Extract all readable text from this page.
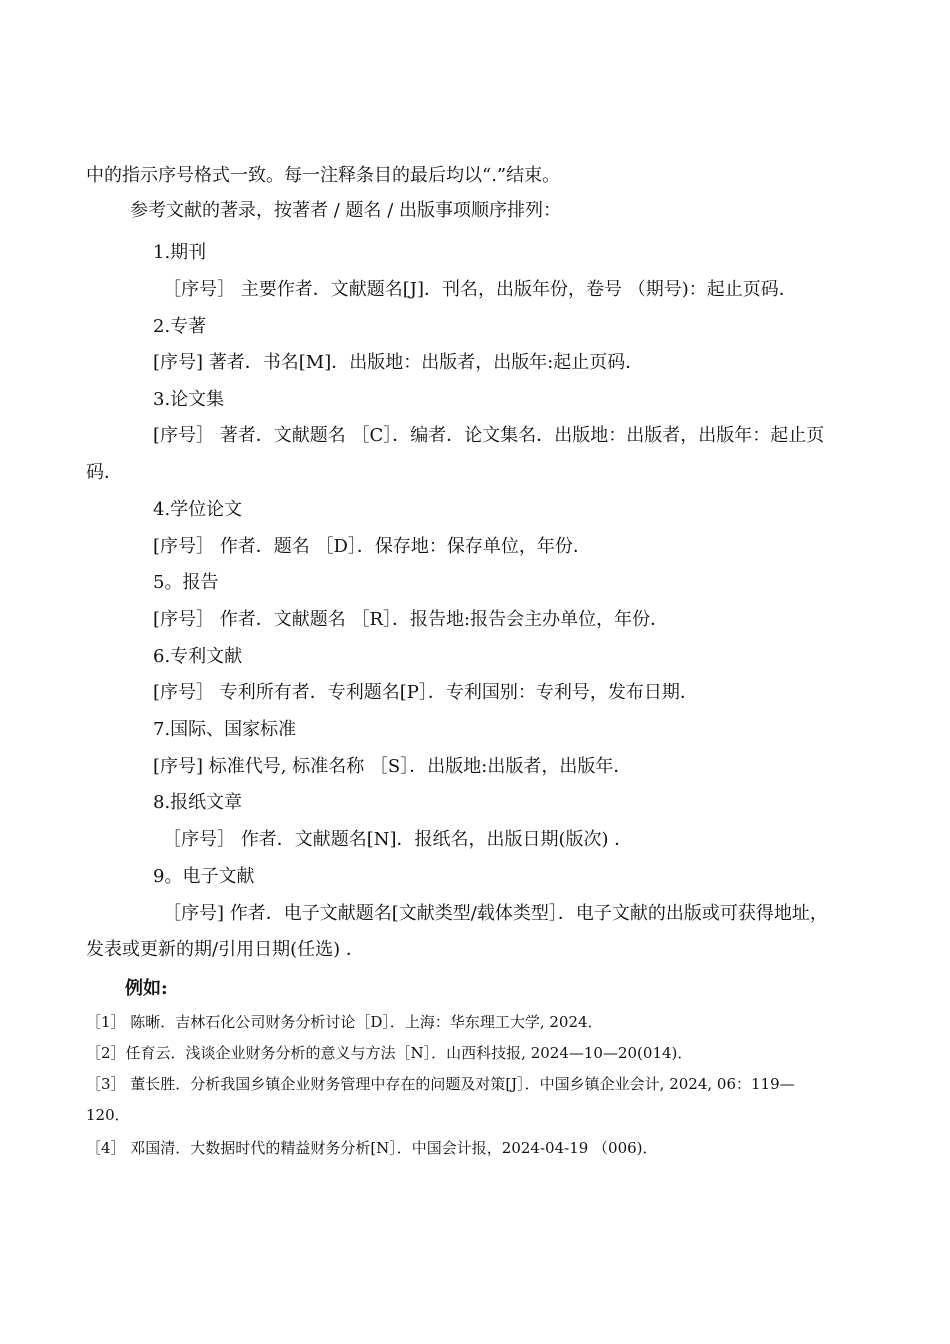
中的指示序号格式一致。每一注释条目的最后均以“.”结束。
参考文献的著录，按著者 / 题名 / 出版事项顺序排列：
1.期刊
［序号］ 主要作者．文献题名[J]．刊名，出版年份，卷号 （期号)：起止页码．
2.专著
[序号] 著者．书名[M]．出版地：出版者，出版年:起止页码．
3.论文集
[序号］ 著者．文献题名 ［C］．编者．论文集名．出版地：出版者，出版年：起止页
码．
4.学位论文
[序号］ 作者．题名 ［D］．保存地：保存单位，年份．
5。报告
[序号］ 作者．文献题名 ［R］．报告地:报告会主办单位，年份．
6.专利文献
[序号］ 专利所有者．专利题名[P］．专利国别：专利号，发布日期．
7.国际、国家标准
[序号] 标准代号, 标准名称 ［S］．出版地:出版者，出版年．
8.报纸文章
［序号］ 作者．文献题名[N]．报纸名，出版日期(版次) ．
9。电子文献
［序号] 作者．电子文献题名[文献类型/载体类型］．电子文献的出版或可获得地址，
发表或更新的期/引用日期(任选) ．
例如:
［1］ 陈晰．吉林石化公司财务分析讨论［D］．上海：华东理工大学, 2024．
［2］任育云．浅谈企业财务分析的意义与方法［N］．山西科技报, 2024—10—20(014)．
［3］ 董长胜．分析我国乡镇企业财务管理中存在的问题及对策[J］．中国乡镇企业会计, 2024, 06：119—
120．
［4］ 邓国清．大数据时代的精益财务分析[N］．中国会计报，2024-04-19 （006)．
